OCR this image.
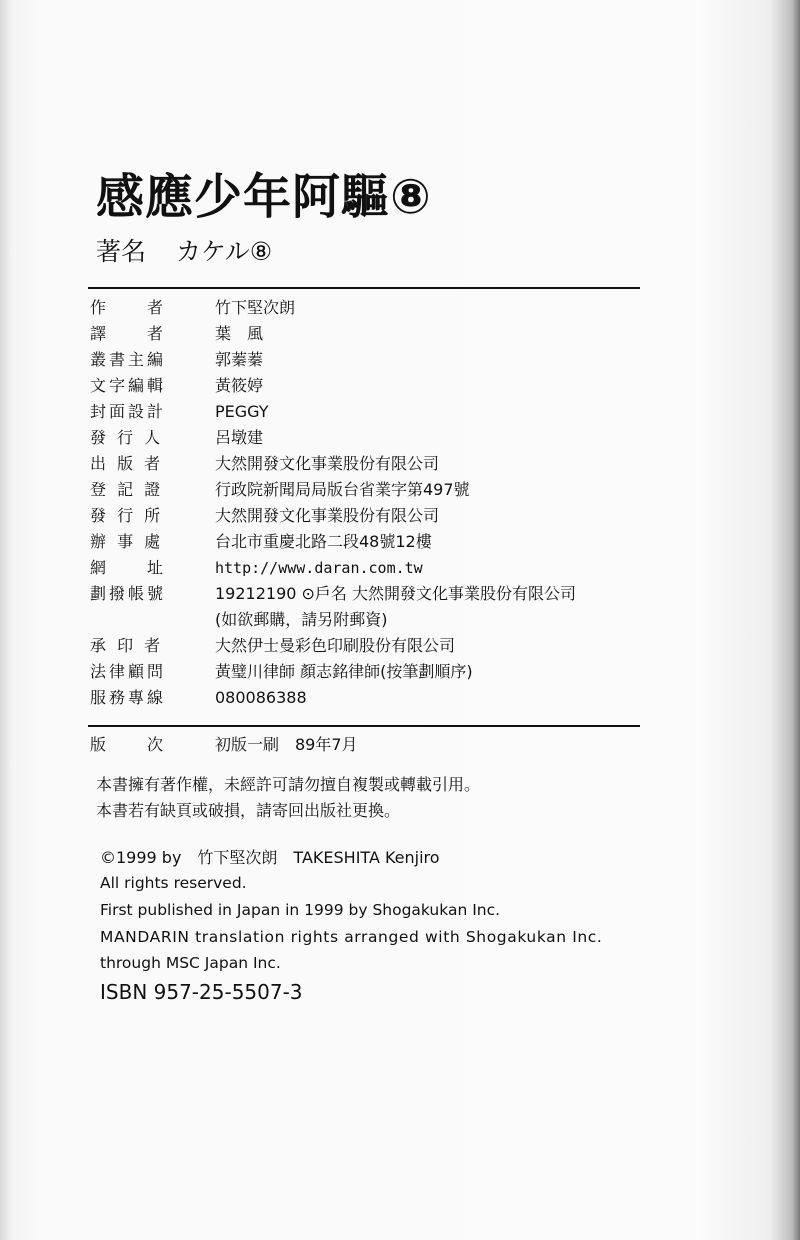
感應少年阿驅⑧
著名 カケル⑧
作　　者	竹下堅次朗
譯　　者	葉　風
叢書主編	郭蓁蓁
文字編輯	黃筱婷
封面設計	PEGGY
發 行 人	呂墩建
出 版 者	大然開發文化事業股份有限公司
登 記 證	行政院新聞局局版台省業字第497號
發 行 所	大然開發文化事業股份有限公司
辦 事 處	台北市重慶北路二段48號12樓
網　　址	http://www.daran.com.tw
劃撥帳號	19212190 ⊙戶名 大然開發文化事業股份有限公司
(如欲郵購，請另附郵資)
承 印 者	大然伊士曼彩色印刷股份有限公司
法律顧問	黃璧川律師 顏志銘律師(按筆劃順序)
服務專線	080086388
版　　次	初版一刷　89年7月
本書擁有著作權，未經許可請勿擅自複製或轉載引用。
本書若有缺頁或破損，請寄回出版社更換。
©1999 by　竹下堅次朗　TAKESHITA Kenjiro
All rights reserved.
First published in Japan in 1999 by Shogakukan Inc.
MANDARIN translation rights arranged with Shogakukan Inc.
through MSC Japan Inc.
ISBN 957-25-5507-3
